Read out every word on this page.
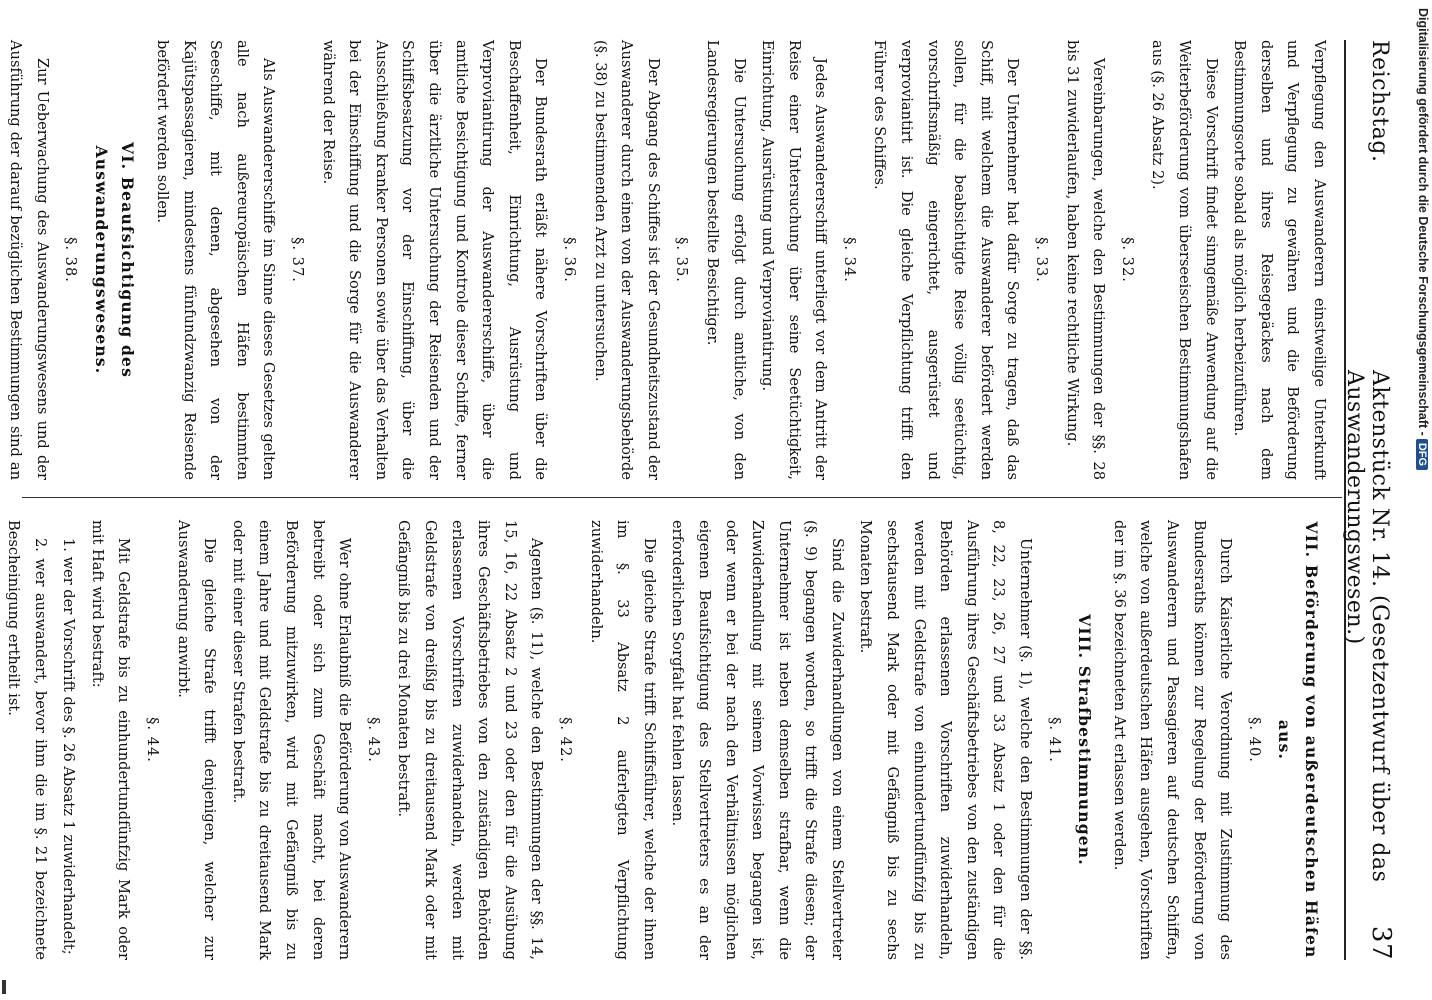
Reichstag.
Aktenstück Nr. 14. (Gesetzentwurf über das Auswanderungswesen.)
37

Verpflegung den Auswanderern einstweilige Unterkunft und Verpflegung zu gewähren und die Beförderung derselben und ihres Reisegepäckes nach dem Bestimmungsorte sobald als möglich herbeizuführen.

Diese Vorschrift findet sinngemäße Anwendung auf die Weiterbeförderung vom überseeischen Bestimmungshafen aus (§. 26 Absatz 2).

§. 32.

Vereinbarungen, welche den Bestimmungen der §§. 28 bis 31 zuwiderlaufen, haben keine rechtliche Wirkung.

§. 33.

Der Unternehmer hat dafür Sorge zu tragen, daß das Schiff, mit welchem die Auswanderer befördert werden sollen, für die beabsichtigte Reise völlig seetüchtig, vorschriftsmäßig eingerichtet, ausgerüstet und verproviantirt ist. Die gleiche Verpflichtung trifft den Führer des Schiffes.

§. 34.

Jedes Auswandererschiff unterliegt vor dem Antritt der Reise einer Untersuchung über seine Seetüchtigkeit, Einrichtung, Ausrüstung und Verproviantirung.

Die Untersuchung erfolgt durch amtliche, von den Landesregierungen bestellte Besichtiger.

§. 35.

Der Abgang des Schiffes ist der Gesundheitszustand der Auswanderer durch einen von der Auswanderungsbehörde (§. 38) zu bestimmenden Arzt zu untersuchen.

§. 36.

Der Bundesrath erläßt nähere Vorschriften über die Beschaffenheit, Einrichtung, Ausrüstung und Verproviantirung der Auswandererschiffe, über die amtliche Besichtigung und Kontrole dieser Schiffe, ferner über die ärztliche Untersuchung der Reisenden und der Schiffsbesatzung vor der Einschiffung, über die Ausschließung kranker Personen sowie über das Verhalten bei der Einschiffung und die Sorge für die Auswanderer während der Reise.

§. 37.

Als Auswandererschiffe im Sinne dieses Gesetzes gelten alle nach außereuropäischen Häfen bestimmten Seeschiffe, mit denen, abgesehen von der Kajütspassagieren, mindestens fünfundzwanzig Reisende befördert werden sollen.

VI. Beaufsichtigung des Auswanderungswesens.
§. 38.

Zur Ueberwachung des Auswanderungswesens und der Ausführung der darauf bezüglichen Bestimmungen sind an

VII. Beförderung von außerdeutschen Häfen aus.
§. 40.

Durch Kaiserliche Verordnung mit Zustimmung des Bundesraths können zur Regelung der Beförderung von Auswanderern und Passagieren auf deutschen Schiffen, welche von außerdeutschen Häfen ausgehen, Vorschriften der im §. 36 bezeichneten Art erlassen werden.

VIII. Strafbestimmungen.
§. 41.

Unternehmer (§. 1), welche den Bestimmungen der §§. 8, 22, 23, 26, 27 und 33 Absatz 1 oder den für die Ausführung ihres Geschäftsbetriebes von den zuständigen Behörden erlassenen Vorschriften zuwiderhandeln, werden mit Geldstrafe von einhundertundfünfzig bis zu sechstausend Mark oder mit Gefängniß bis zu sechs Monaten bestraft.

Sind die Zuwiderhandlungen von einem Stellvertreter (§. 9) begangen worden, so trifft die Strafe diesen; der Unternehmer ist neben demselben strafbar, wenn die Zuwiderhandlung mit seinem Vorwissen begangen ist, oder wenn er bei der nach den Verhältnissen möglichen eigenen Beaufsichtigung des Stellvertreters es an der erforderlichen Sorgfalt hat fehlen lassen.

Die gleiche Strafe trifft Schiffsführer, welche der ihnen im §. 33 Absatz 2 auferlegten Verpflichtung zuwiderhandeln.

§. 42.

Agenten (§. 11), welche den Bestimmungen der §§. 14, 15, 16, 22 Absatz 2 und 23 oder den für die Ausübung ihres Geschäftsbetriebes von den zuständigen Behörden erlassenen Vorschriften zuwiderhandeln, werden mit Geldstrafe von dreißig bis zu dreitausend Mark oder mit Gefängniß bis zu drei Monaten bestraft.

§. 43.

Wer ohne Erlaubniß die Beförderung von Auswanderern betreibt oder sich zum Geschäft macht, bei deren Beförderung mitzuwirken, wird mit Gefängniß bis zu einem Jahre und mit Geldstrafe bis zu dreitausend Mark oder mit einer dieser Strafen bestraft.

Die gleiche Strafe trifft denjenigen, welcher zur Auswanderung anwirbt.

§. 44.

Mit Geldstrafe bis zu einhundertundfünfzig Mark oder mit Haft wird bestraft:

1. wer der Vorschrift des §. 26 Absatz 1 zuwiderhandelt;

2. wer auswandert, bevor ihm die im §. 21 bezeichnete Bescheinigung ertheilt ist.

Digitalisierung gefördert durch die Deutsche Forschungsgemeinschaft -DFG
